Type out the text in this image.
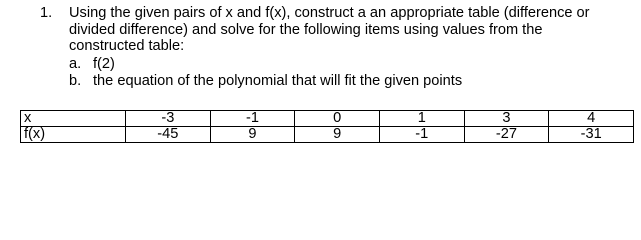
1. Using the given pairs of x and f(x), construct a an appropriate table (difference or
divided difference) and solve for the following items using values from the
constructed table:
a. f(2)
b. the equation of the polynomial that will fit the given points
x	-3	-1	0	1	3	4
f(x)	-45	9	9	-1	-27	-31
